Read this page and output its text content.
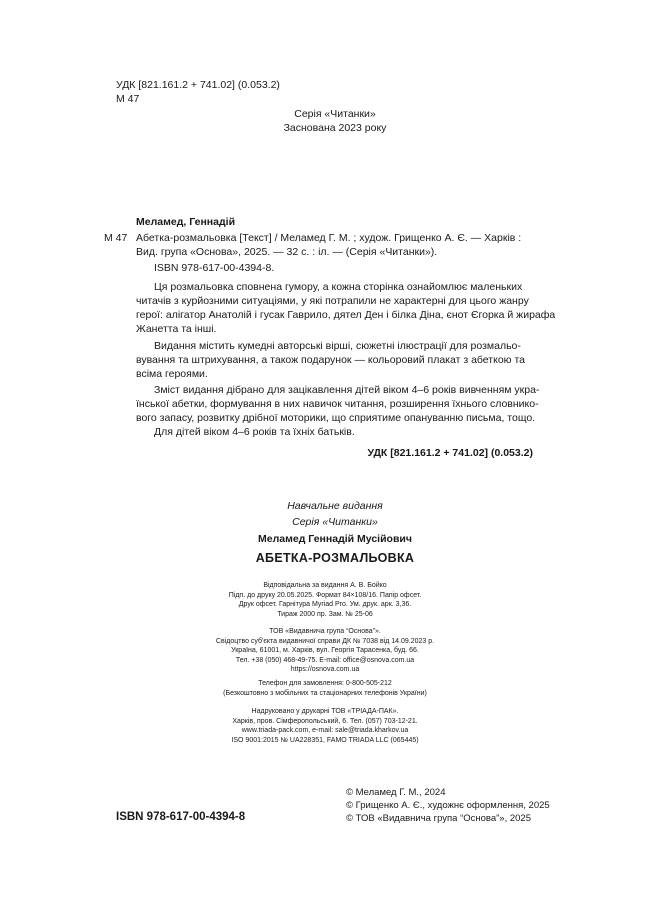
УДК [821.161.2 + 741.02] (0.053.2)
М 47
Серія «Читанки»
Заснована 2023 року
Меламед, Геннадій
М 47 Абетка-розмальовка [Текст] / Меламед Г. М. ; худож. Грищенко А. Є. — Харків :
Вид. група «Основа», 2025. — 32 с. : іл. — (Серія «Читанки»).
ISBN 978-617-00-4394-8.
Ця розмальовка сповнена гумору, а кожна сторінка ознайомлює маленьких
читачів з курйозними ситуаціями, у які потрапили не характерні для цього жанру
герої: алігатор Анатолій і гусак Гаврило, дятел Ден і білка Діна, єнот Єгорка й жирафа
Жанетта та інші.
Видання містить кумедні авторські вірші, сюжетні ілюстрації для розмальо-
вування та штрихування, а також подарунок — кольоровий плакат з абеткою та
всіма героями.
Зміст видання дібрано для зацікавлення дітей віком 4–6 років вивченням укра-
їнської абетки, формування в них навичок читання, розширення їхнього словнико-
вого запасу, розвитку дрібної моторики, що сприятиме опануванню письма, тощо.
Для дітей віком 4–6 років та їхніх батьків.
УДК [821.161.2 + 741.02] (0.053.2)
Навчальне видання
Серія «Читанки»
Меламед Геннадій Мусійович
АБЕТКА-РОЗМАЛЬОВКА
Відповідальна за видання А. В. Бойко
Підп. до друку 20.05.2025. Формат 84×108/16. Папір офсет.
Друк офсет. Гарнітура Myriad Pro. Ум. друк. арк. 3,36.
Тираж 2000 пр. Зам. № 25-06
ТОВ «Видавнича група “Основа”».
Свідоцтво суб'єкта видавничої справи ДК № 7038 від 14.09.2023 р.
Україна, 61001, м. Харків, вул. Георгія Тарасенка, буд. 66.
Тел. +38 (050) 468-49-75. E-mail: office@osnova.com.ua
https://osnova.com.ua
Телефон для замовлення: 0-800-505-212
(Безкоштовно з мобільних та стаціонарних телефонів України)
Надруковано у друкарні ТОВ «ТРІАДА-ПАК».
Харків, пров. Сімферопольський, 6. Тел. (057) 703-12-21.
www.triada-pack.com, e-mail: sale@triada.kharkov.ua
ISO 9001:2015 № UA228351, FAMO TRIADA LLC (065445)
ISBN 978-617-00-4394-8
© Меламед Г. М., 2024
© Грищенко А. Є., художнє оформлення, 2025
© ТОВ «Видавнича група “Основа”», 2025
